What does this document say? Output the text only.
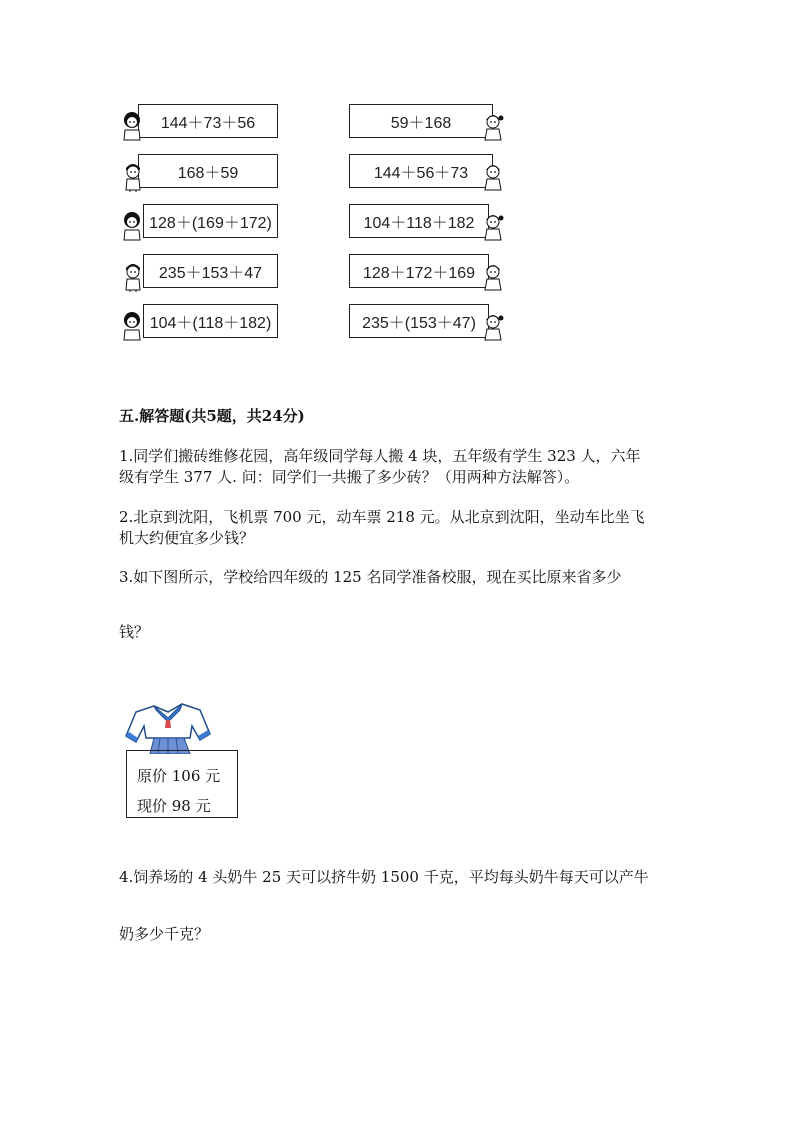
144＋73＋56
168＋59
128＋(169＋172)
235＋153＋47
104＋(118＋182)
59＋168
144＋56＋73
104＋118＋182
128＋172＋169
235＋(153＋47)
五.解答题(共5题，共24分)
1.同学们搬砖维修花园，高年级同学每人搬 4 块，五年级有学生 323 人，六年
级有学生 377 人. 问：同学们一共搬了多少砖？（用两种方法解答）。
2.北京到沈阳，飞机票 700 元，动车票 218 元。从北京到沈阳，坐动车比坐飞
机大约便宜多少钱？
3.如下图所示，学校给四年级的 125 名同学准备校服，现在买比原来省多少
钱？
原价 106 元
现价 98 元
4.饲养场的 4 头奶牛 25 天可以挤牛奶 1500 千克，平均每头奶牛每天可以产牛
奶多少千克？
